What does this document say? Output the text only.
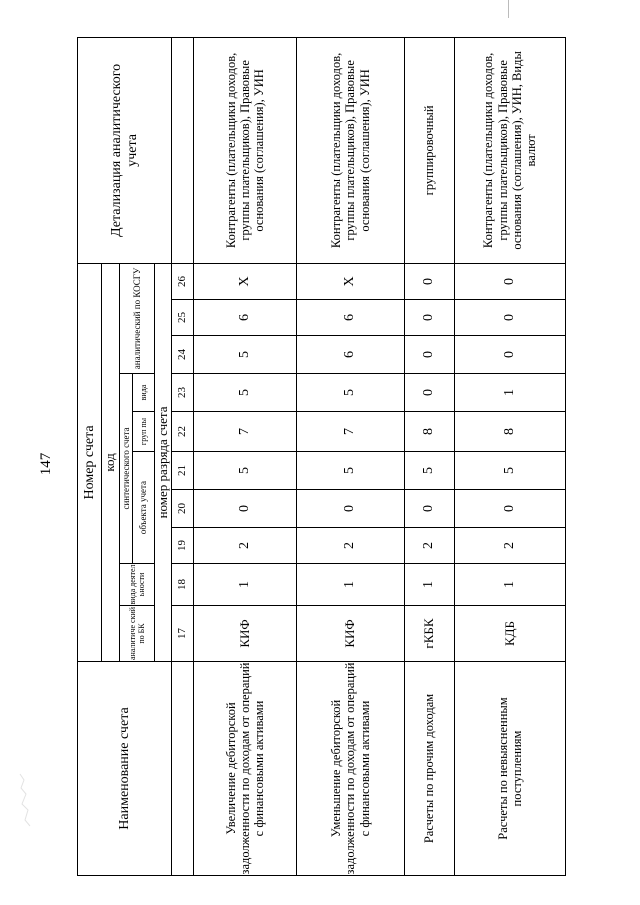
147
Наименование счета	Номер счета										Детализация аналитического учета
	код										
	аналитиче ский по БК	вида деятел ьности	синтетического счета					аналитический по КОСГУ			
			объекта учета			груп пы	вида				

	номер разряда счета										
	17	18	19	20	21	22	23	24	25	26	
Увеличение дебиторской задолженности по доходам от операций с финансовыми активами	КИФ	1	2	0	5	7	5	5	6	Х	Контрагенты (плательщики доходов, группы плательщиков), Правовые основания (соглашения), УИН
Уменьшение дебиторской задолженности по доходам от операций с финансовыми активами	КИФ	1	2	0	5	7	5	6	6	Х	Контрагенты (плательщики доходов, группы плательщиков), Правовые основания (соглашения), УИН
Расчеты по прочим доходам	гКБК	1	2	0	5	8	0	0	0	0	группировочный
Расчеты по невыясненным поступлениям	КДБ	1	2	0	5	8	1	0	0	0	Контрагенты (плательщики доходов, группы плательщиков), Правовые основания (соглашения), УИН, Виды валют
